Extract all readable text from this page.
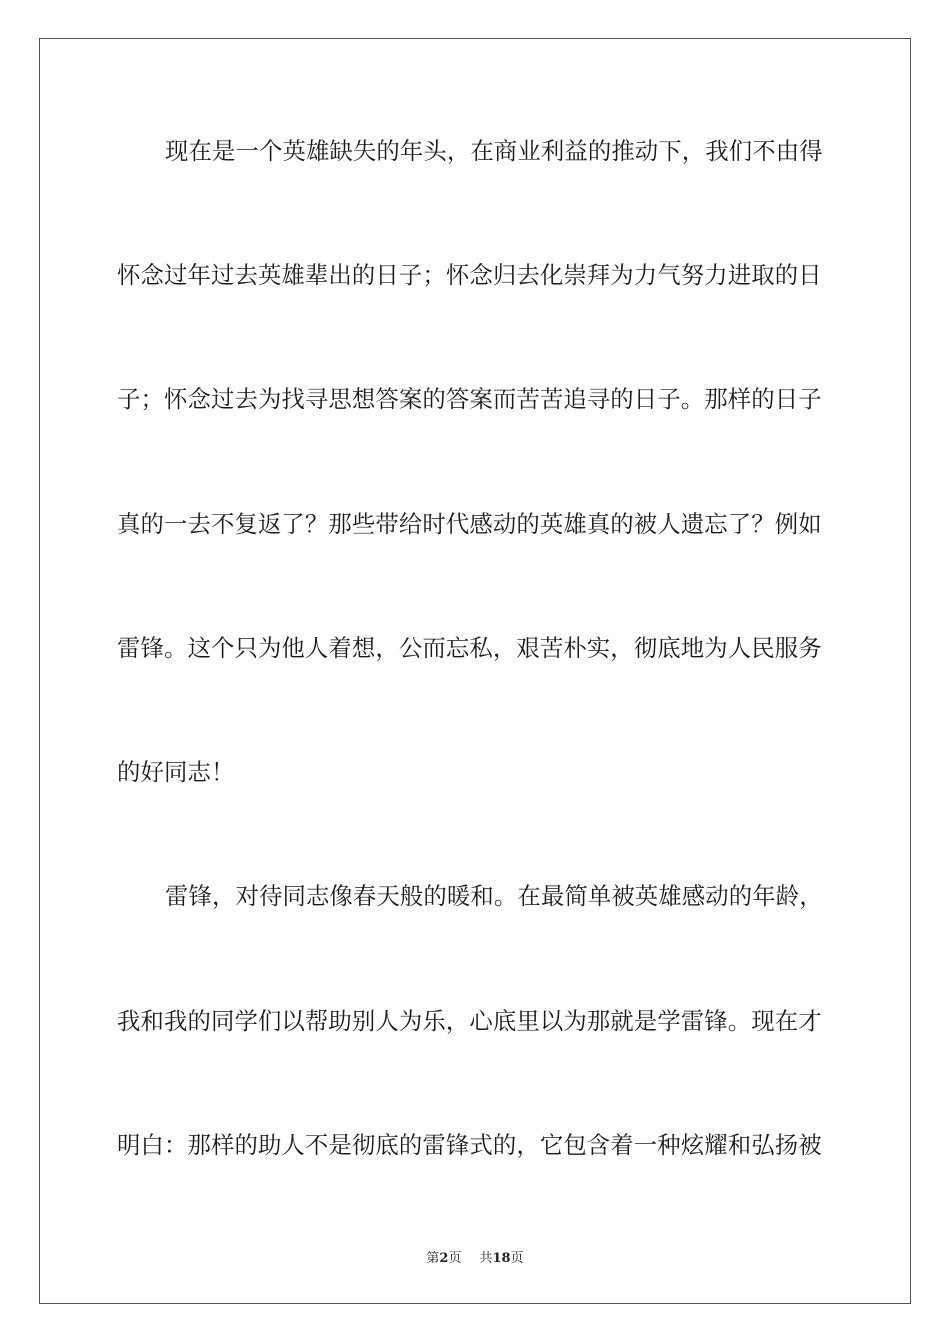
现在是一个英雄缺失的年头，在商业利益的推动下，我们不由得

怀念过年过去英雄辈出的日子；怀念归去化崇拜为力气努力进取的日

子；怀念过去为找寻思想答案的答案而苦苦追寻的日子。那样的日子

真的一去不复返了？那些带给时代感动的英雄真的被人遗忘了？例如

雷锋。这个只为他人着想，公而忘私，艰苦朴实，彻底地为人民服务

的好同志！

雷锋，对待同志像春天般的暖和。在最简单被英雄感动的年龄，

我和我的同学们以帮助别人为乐，心底里以为那就是学雷锋。现在才

明白：那样的助人不是彻底的雷锋式的，它包含着一种炫耀和弘扬被

第2页 共18页
